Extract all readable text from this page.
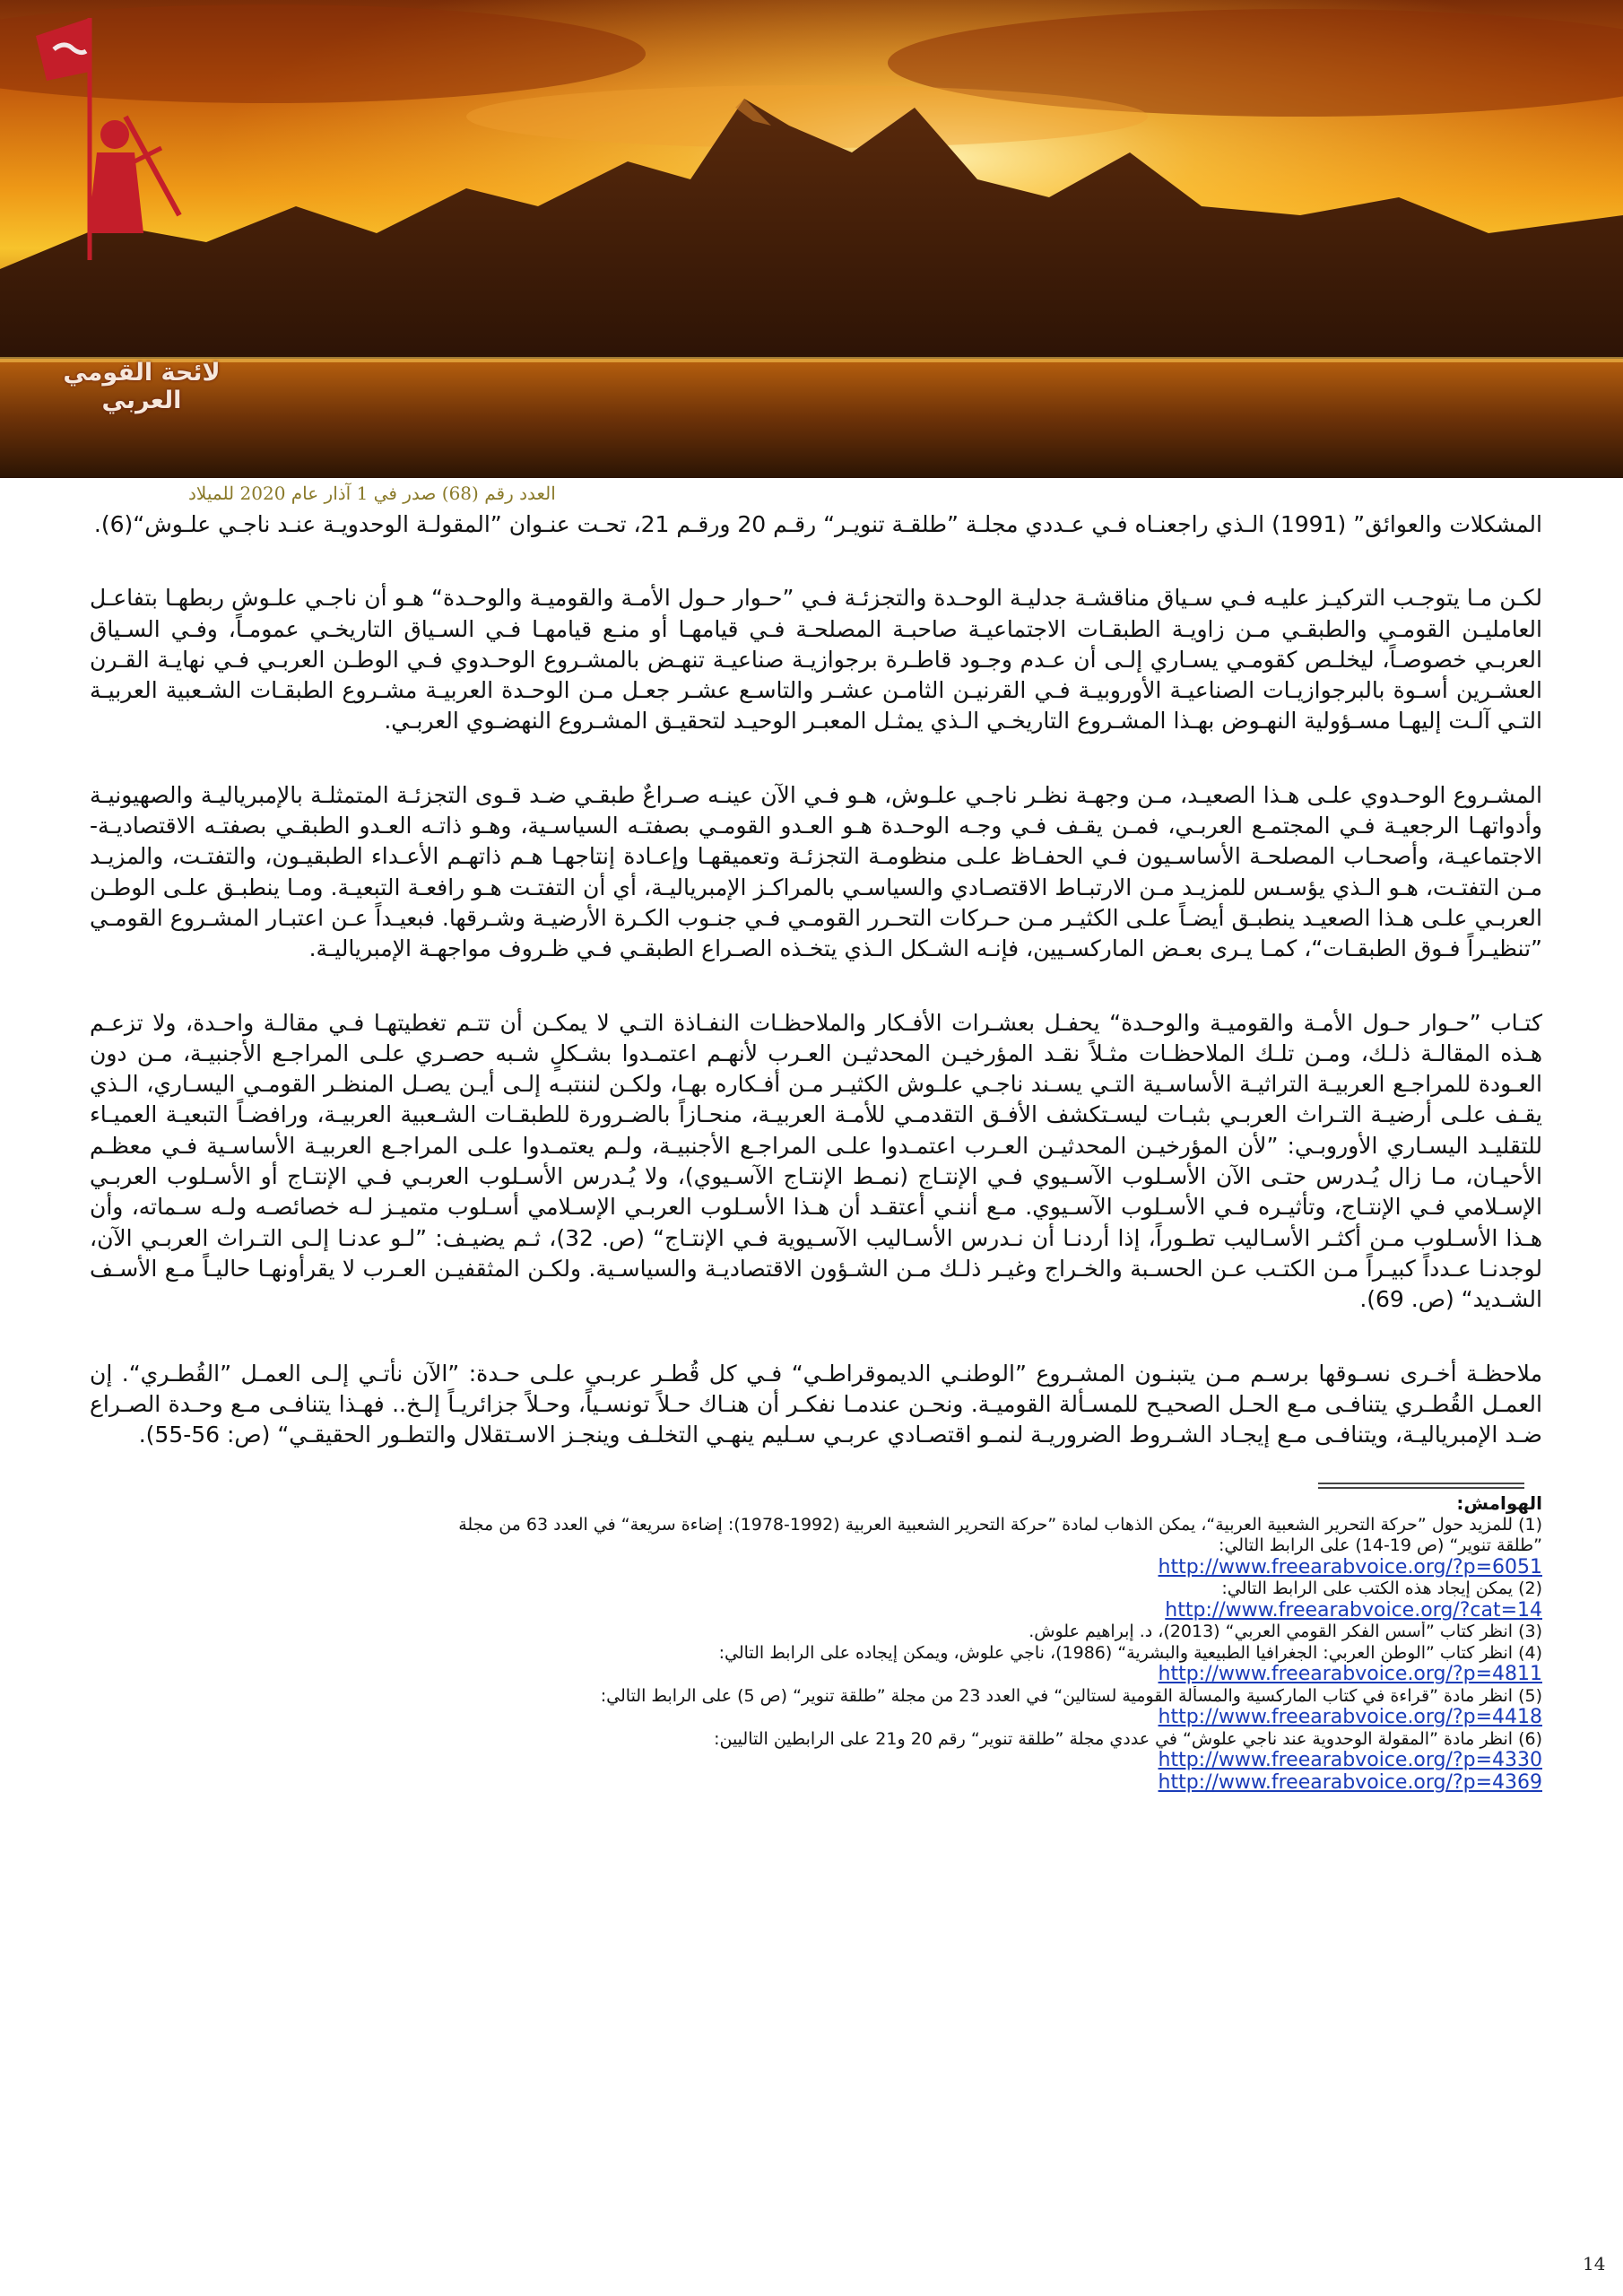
لائحة القومي العربي
العدد رقم (68) صدر في 1 آذار عام 2020 للميلاد

المشكلات والعوائق” (1991) الـذي راجعنـاه فـي عـددي مجلـة ”طلقـة تنويـر“ رقـم 20 ورقـم 21، تحـت عنـوان ”المقولـة الوحدويـة عنـد ناجـي علـوش“(6).

لكـن مـا يتوجـب التركيـز عليـه فـي سـياق مناقشـة جدليـة الوحـدة والتجزئـة فـي ”حـوار حـول الأمـة والقوميـة والوحـدة“ هـو أن ناجـي علـوش ربطهـا بتفاعـل العامليـن القومـي والطبقـي مـن زاويـة الطبقـات الاجتماعيـة صاحبـة المصلحـة فـي قيامهـا أو منـع قيامهـا فـي السـياق التاريخـي عمومـاً، وفـي السـياق العربـي خصوصـاً، ليخلـص كقومـي يسـاري إلـى أن عـدم وجـود قاطـرة برجوازيـة صناعيـة تنهـض بالمشـروع الوحـدوي فـي الوطـن العربـي فـي نهايـة القـرن العشـرين أسـوة بالبرجوازيـات الصناعيـة الأوروبيـة فـي القرنيـن الثامـن عشـر والتاسـع عشـر جعـل مـن الوحـدة العربيـة مشـروع الطبقـات الشـعبية العربيـة التـي آلـت إليهـا مسـؤولية النهـوض بهـذا المشـروع التاريخـي الـذي يمثـل المعبـر الوحيـد لتحقيـق المشـروع النهضـوي العربـي.

المشـروع الوحـدوي علـى هـذا الصعيـد، مـن وجهـة نظـر ناجـي علـوش، هـو فـي الآن عينـه صـراعٌ طبقـي ضـد قـوى التجزئـة المتمثلـة بالإمبرياليـة والصهيونيـة وأدواتهـا الرجعيـة فـي المجتمـع العربـي، فمـن يقـف فـي وجـه الوحـدة هـو العـدو القومـي بصفتـه السياسـية، وهـو ذاتـه العـدو الطبقـي بصفتـه الاقتصاديـة-الاجتماعيـة، وأصحـاب المصلحـة الأساسـيون فـي الحفـاظ علـى منظومـة التجزئـة وتعميقهـا وإعـادة إنتاجهـا هـم ذاتهـم الأعـداء الطبقيـون، والتفتـت، والمزيـد مـن التفتـت، هـو الـذي يؤسـس للمزيـد مـن الارتبـاط الاقتصـادي والسياسـي بالمراكـز الإمبرياليـة، أي أن التفتـت هـو رافعـة التبعيـة. ومـا ينطبـق علـى الوطـن العربـي علـى هـذا الصعيـد ينطبـق أيضـاً علـى الكثيـر مـن حـركات التحـرر القومـي فـي جنـوب الكـرة الأرضيـة وشـرقها. فبعيـداً عـن اعتبـار المشـروع القومـي ”تنظيـراً فـوق الطبقـات“، كمـا يـرى بعـض الماركسـيين، فإنـه الشـكل الـذي يتخـذه الصـراع الطبقـي فـي ظـروف مواجهـة الإمبرياليـة.

كتـاب ”حـوار حـول الأمـة والقوميـة والوحـدة“ يحفـل بعشـرات الأفـكار والملاحظـات النفـاذة التـي لا يمكـن أن تتـم تغطيتهـا فـي مقالـة واحـدة، ولا تزعـم هـذه المقالـة ذلـك، ومـن تلـك الملاحظـات مثـلاً نقـد المؤرخيـن المحدثيـن العـرب لأنهـم اعتمـدوا بشـكلٍ شـبه حصـري علـى المراجـع الأجنبيـة، مـن دون العـودة للمراجـع العربيـة التراثيـة الأساسـية التـي يسـند ناجـي علـوش الكثيـر مـن أفـكاره بهـا، ولكـن لننتبـه إلـى أيـن يصـل المنظـر القومـي اليسـاري، الـذي يقـف علـى أرضيـة التـراث العربـي بثبـات ليسـتكشف الأفـق التقدمـي للأمـة العربيـة، منحـازاً بالضـرورة للطبقـات الشـعبية العربيـة، ورافضـاً التبعيـة العميـاء للتقليـد اليسـاري الأوروبـي: ”لأن المؤرخيـن المحدثيـن العـرب اعتمـدوا علـى المراجـع الأجنبيـة، ولـم يعتمـدوا علـى المراجـع العربيـة الأساسـية فـي معظـم الأحيـان، مـا زال يُـدرس حتـى الآن الأسـلوب الآسـيوي فـي الإنتـاج (نمـط الإنتـاج الآسـيوي)، ولا يُـدرس الأسـلوب العربـي فـي الإنتـاج أو الأسـلوب العربـي الإسـلامي فـي الإنتـاج، وتأثيـره فـي الأسـلوب الآسـيوي. مـع أننـي أعتقـد أن هـذا الأسـلوب العربـي الإسـلامي أسـلوب متميـز لـه خصائصـه ولـه سـماته، وأن هـذا الأسـلوب مـن أكثـر الأسـاليب تطـوراً، إذا أردنـا أن نـدرس الأسـاليب الآسـيوية فـي الإنتـاج“ (ص. 32)، ثـم يضيـف: ”لـو عدنـا إلـى التـراث العربـي الآن، لوجدنـا عـدداً كبيـراً مـن الكتـب عـن الحسـبة والخـراج وغيـر ذلـك مـن الشـؤون الاقتصاديـة والسياسـية. ولكـن المثقفيـن العـرب لا يقرأونهـا حاليـاً مـع الأسـف الشـديد“ (ص. 69).

ملاحظـة أخـرى نسـوقها برسـم مـن يتبنـون المشـروع ”الوطنـي الديموقراطـي“ فـي كل قُطـر عربـي علـى حـدة: ”الآن نأتـي إلـى العمـل ”القُطـري“. إن العمـل القُطـري يتنافـى مـع الحـل الصحيـح للمسـألة القوميـة. ونحـن عندمـا نفكـر أن هنـاك حـلاً تونسـياً، وحـلاً جزائريـاً إلـخ.. فهـذا يتنافـى مـع وحـدة الصـراع ضـد الإمبرياليـة، ويتنافـى مـع إيجـاد الشـروط الضروريـة لنمـو اقتصـادي عربـي سـليم ينهـي التخلـف وينجـز الاسـتقلال والتطـور الحقيقـي“ (ص: 56-55).

الهوامش:
(1) للمزيد حول ”حركة التحرير الشعبية العربية“، يمكن الذهاب لمادة ”حركة التحرير الشعبية العربية (1992-1978): إضاءة سريعة“ في العدد 63 من مجلة
”طلقة تنوير“ (ص 19-14) على الرابط التالي:
http://www.freearabvoice.org/?p=6051
(2) يمكن إيجاد هذه الكتب على الرابط التالي:
http://www.freearabvoice.org/?cat=14
(3) انظر كتاب ”أسس الفكر القومي العربي“ (2013)، د. إبراهيم علوش.
(4) انظر كتاب ”الوطن العربي: الجغرافيا الطبيعية والبشرية“ (1986)، ناجي علوش، ويمكن إيجاده على الرابط التالي:
http://www.freearabvoice.org/?p=4811
(5) انظر مادة ”قراءة في كتاب الماركسية والمسألة القومية لستالين“ في العدد 23 من مجلة ”طلقة تنوير“ (ص 5) على الرابط التالي:
http://www.freearabvoice.org/?p=4418
(6) انظر مادة ”المقولة الوحدوية عند ناجي علوش“ في عددي مجلة ”طلقة تنوير“ رقم 20 و21 على الرابطين التاليين:
http://www.freearabvoice.org/?p=4330
http://www.freearabvoice.org/?p=4369
14
